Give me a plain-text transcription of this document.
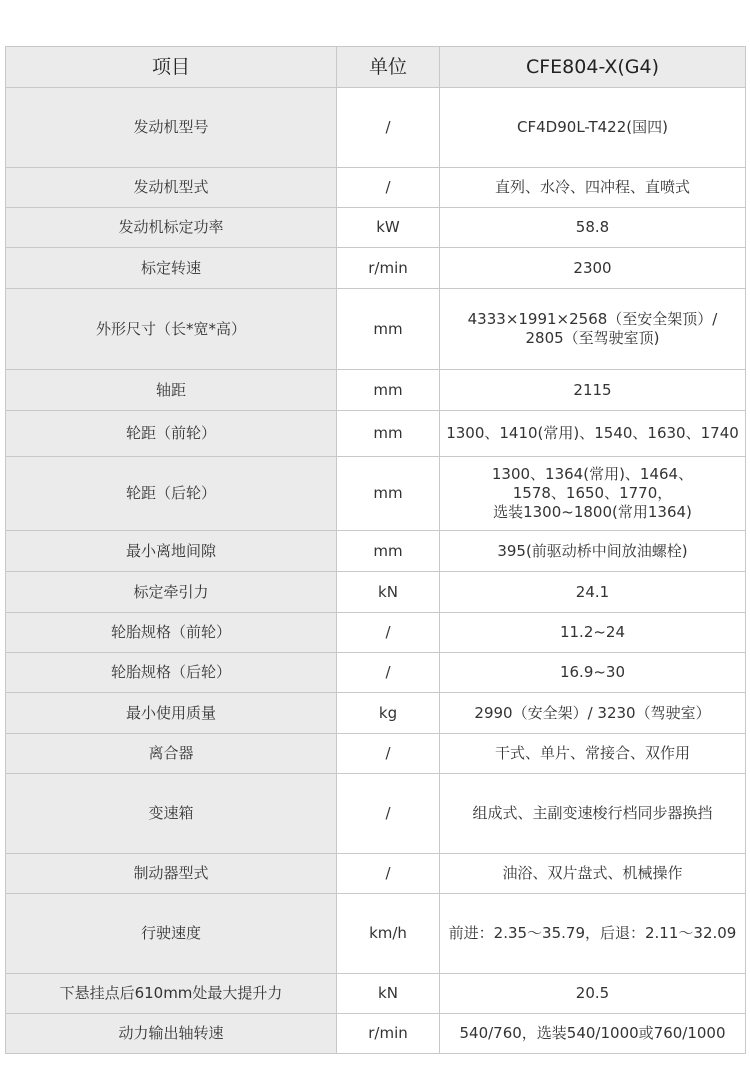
项目	单位	CFE804-X(G4)
发动机型号	/	CF4D90L-T422(国四)
发动机型式	/	直列、水冷、四冲程、直喷式
发动机标定功率	kW	58.8
标定转速	r/min	2300
外形尺寸（长*宽*高）	mm	4333×1991×2568（至安全架顶）/
2805（至驾驶室顶)
轴距	mm	2115
轮距（前轮）	mm	1300、1410(常用)、1540、1630、1740
轮距（后轮）	mm	1300、1364(常用)、1464、
1578、1650、1770，
选装1300~1800(常用1364)
最小离地间隙	mm	395(前驱动桥中间放油螺栓)
标定牵引力	kN	24.1
轮胎规格（前轮）	/	11.2~24
轮胎规格（后轮）	/	16.9~30
最小使用质量	kg	2990（安全架）/ 3230（驾驶室）
离合器	/	干式、单片、常接合、双作用
变速箱	/	组成式、主副变速梭行档同步器换挡
制动器型式	/	油浴、双片盘式、机械操作
行驶速度	km/h	前进：2.35～35.79，后退：2.11～32.09
下悬挂点后610mm处最大提升力	kN	20.5
动力输出轴转速	r/min	540/760，选装540/1000或760/1000
